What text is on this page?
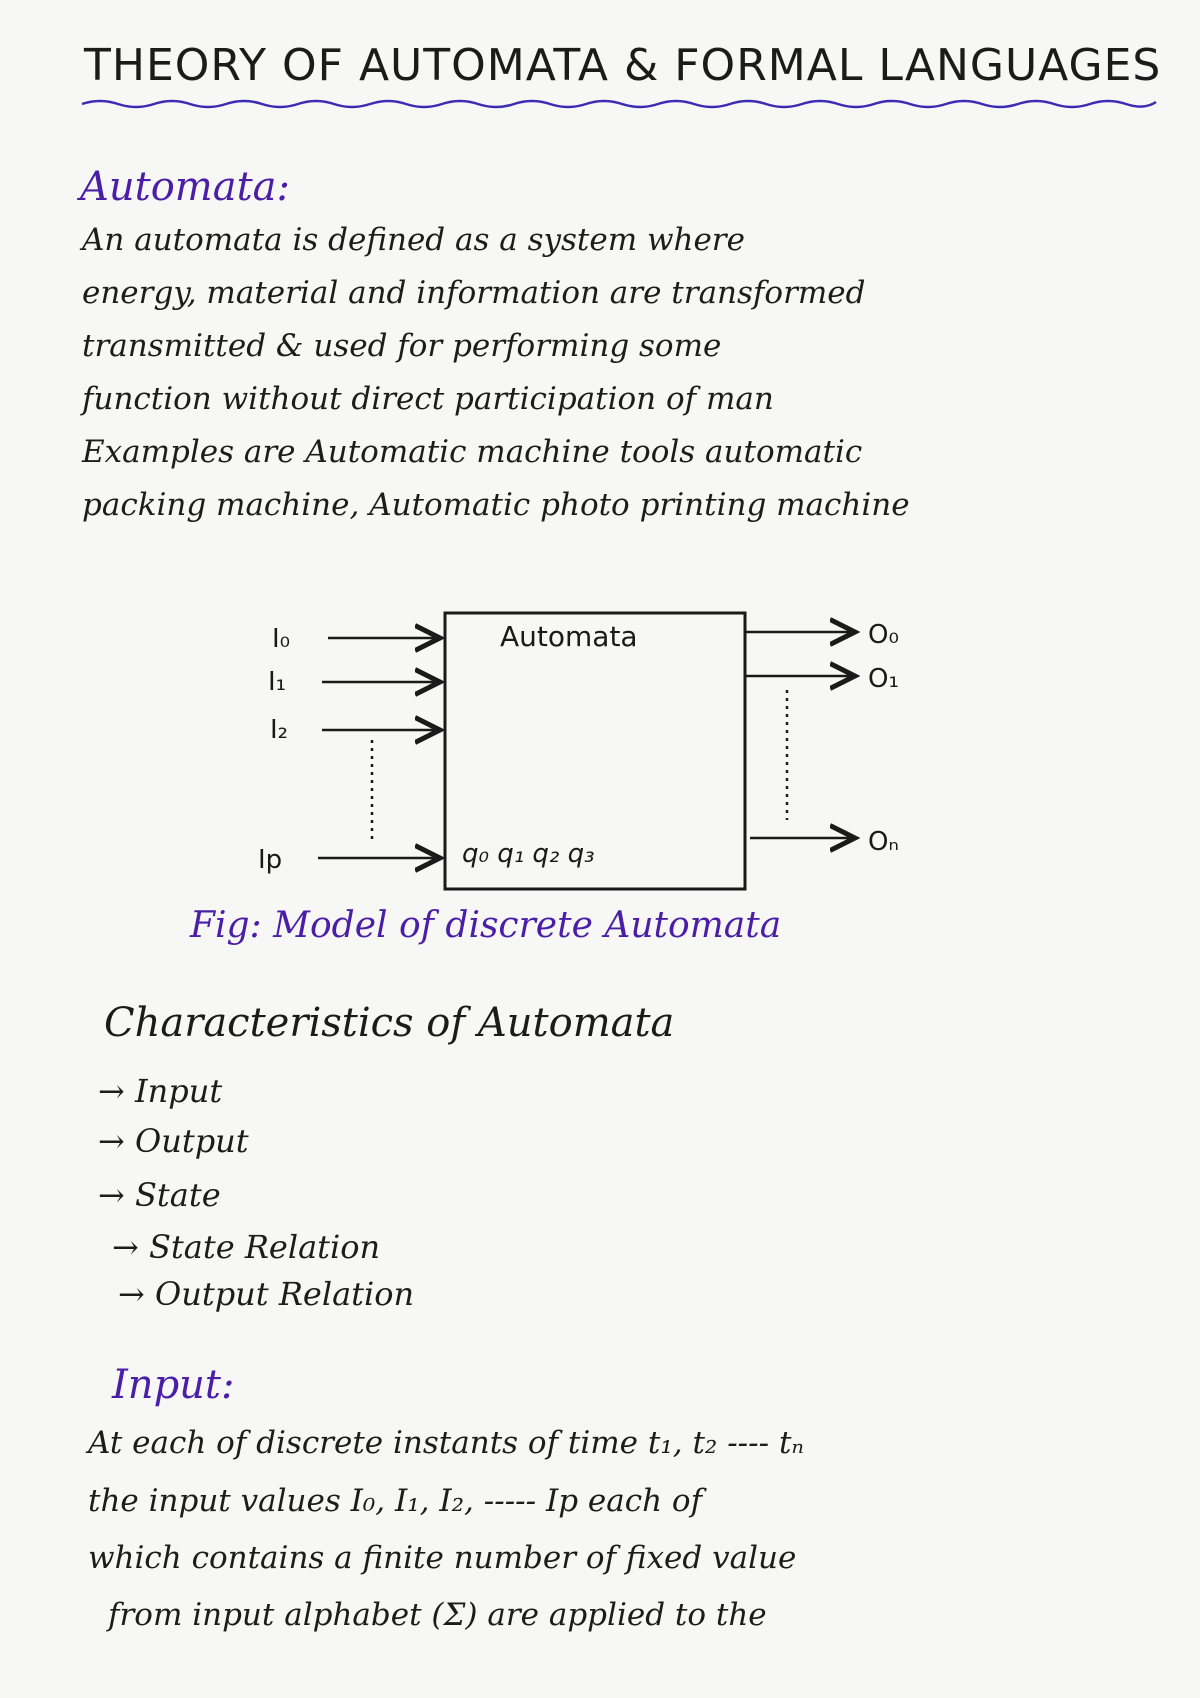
THEORY OF AUTOMATA & FORMAL LANGUAGES
Automata:
An automata is defined as a system where
energy, material and information are transformed
transmitted & used for performing some
function without direct participation of man
Examples are Automatic machine tools automatic
packing machine, Automatic photo printing machine
Automata
q₀ q₁ q₂ q₃
I₀
I₁
I₂
Ip
O₀
O₁
Oₙ
Fig: Model of discrete Automata
Characteristics of Automata
→ Input
→ Output
→ State
→ State Relation
→ Output Relation
Input:
At each of discrete instants of time t₁, t₂ ---- tₙ
the input values I₀, I₁, I₂, ----- Ip each of
which contains a finite number of fixed value
from input alphabet (Σ) are applied to the
